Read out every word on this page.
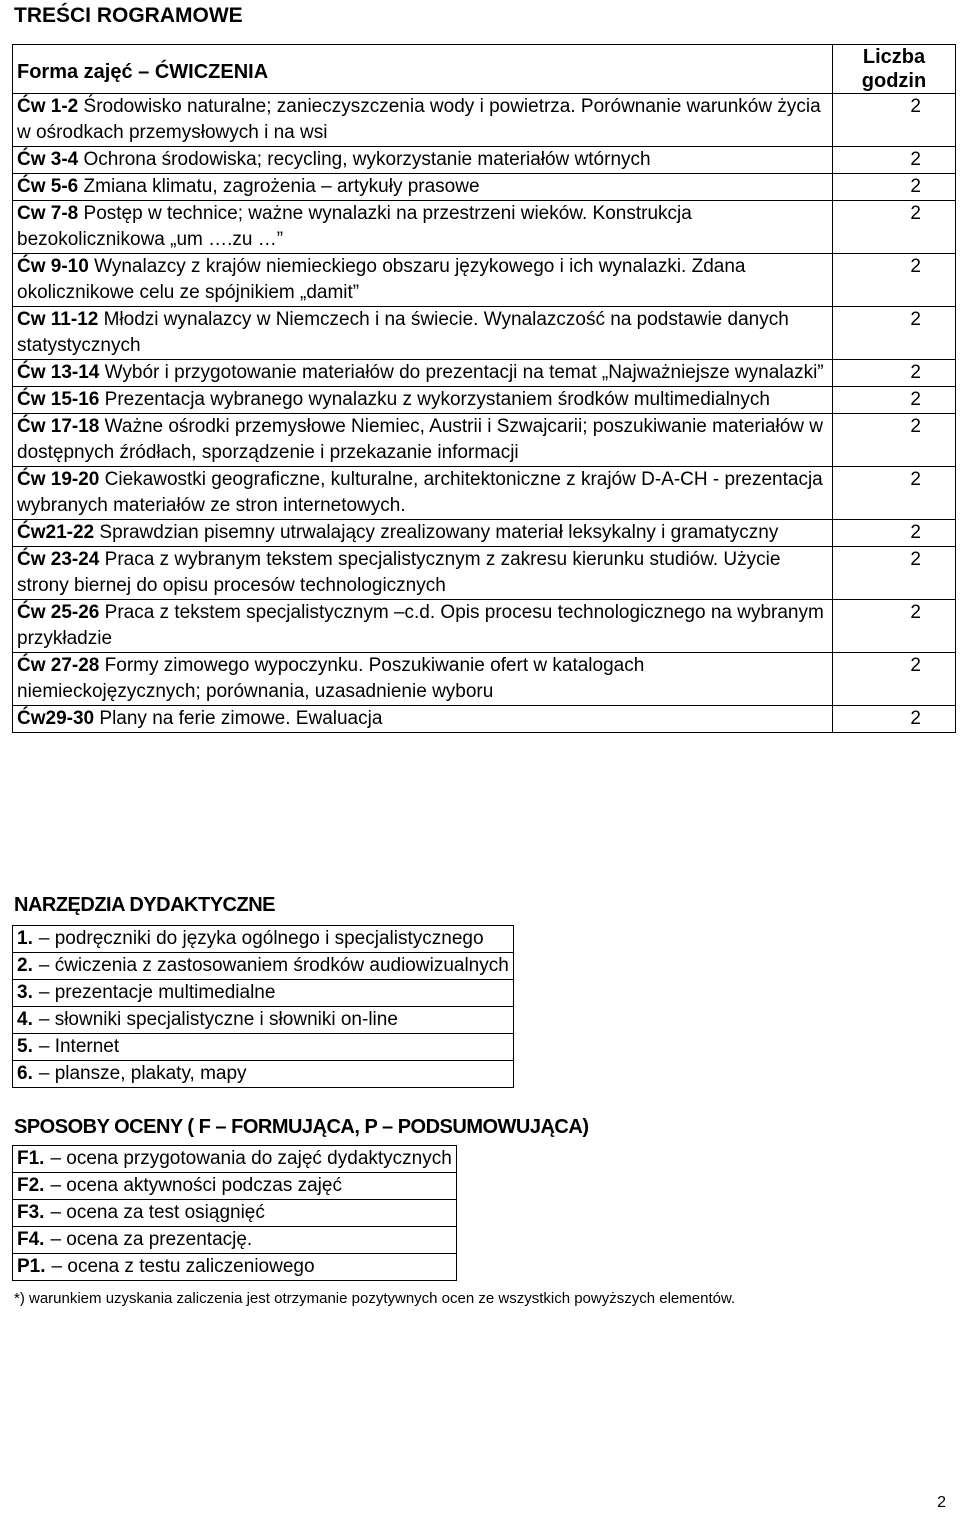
TREŚCI ROGRAMOWE
Forma zajęć – ĆWICZENIA	Liczba godzin
Ćw 1-2 Środowisko naturalne; zanieczyszczenia wody i powietrza. Porównanie warunków życia w ośrodkach przemysłowych i na wsi	2
Ćw 3-4 Ochrona środowiska; recycling, wykorzystanie materiałów wtórnych	2
Ćw 5-6 Zmiana klimatu, zagrożenia – artykuły prasowe	2
Cw 7-8 Postęp w technice; ważne wynalazki na przestrzeni wieków. Konstrukcja bezokolicznikowa „um ….zu …”	2
Ćw 9-10 Wynalazcy z krajów niemieckiego obszaru językowego i ich wynalazki. Zdana okolicznikowe celu ze spójnikiem „damit”	2
Cw 11-12 Młodzi wynalazcy w Niemczech i na świecie. Wynalazczość na podstawie danych statystycznych	2
Ćw 13-14 Wybór i przygotowanie materiałów do prezentacji na temat „Najważniejsze wynalazki”	2
Ćw 15-16 Prezentacja wybranego wynalazku z wykorzystaniem środków multimedialnych	2
Ćw 17-18 Ważne ośrodki przemysłowe Niemiec, Austrii i Szwajcarii; poszukiwanie materiałów w dostępnych źródłach, sporządzenie i przekazanie informacji	2
Ćw 19-20 Ciekawostki geograficzne, kulturalne, architektoniczne z krajów D-A-CH - prezentacja wybranych materiałów ze stron internetowych.	2
Ćw21-22 Sprawdzian pisemny utrwalający zrealizowany materiał leksykalny i gramatyczny	2
Ćw 23-24 Praca z wybranym tekstem specjalistycznym z zakresu kierunku studiów. Użycie strony biernej do opisu procesów technologicznych	2
Ćw 25-26 Praca z tekstem specjalistycznym –c.d. Opis procesu technologicznego na wybranym przykładzie	2
Ćw 27-28 Formy zimowego wypoczynku. Poszukiwanie ofert w katalogach niemieckojęzycznych; porównania, uzasadnienie wyboru	2
Ćw29-30 Plany na ferie zimowe. Ewaluacja	2
NARZĘDZIA DYDAKTYCZNE
1. – podręczniki do języka ogólnego i specjalistycznego
2. – ćwiczenia z zastosowaniem środków audiowizualnych
3. – prezentacje multimedialne
4. – słowniki specjalistyczne i słowniki on-line
5. – Internet
6. – plansze, plakaty, mapy
SPOSOBY OCENY ( F – FORMUJĄCA, P – PODSUMOWUJĄCA)
F1. – ocena przygotowania do zajęć dydaktycznych
F2. – ocena aktywności podczas zajęć
F3. – ocena za test osiągnięć
F4. – ocena za prezentację.
P1. – ocena z testu zaliczeniowego
*) warunkiem uzyskania zaliczenia jest otrzymanie pozytywnych ocen ze wszystkich powyższych elementów.
2
